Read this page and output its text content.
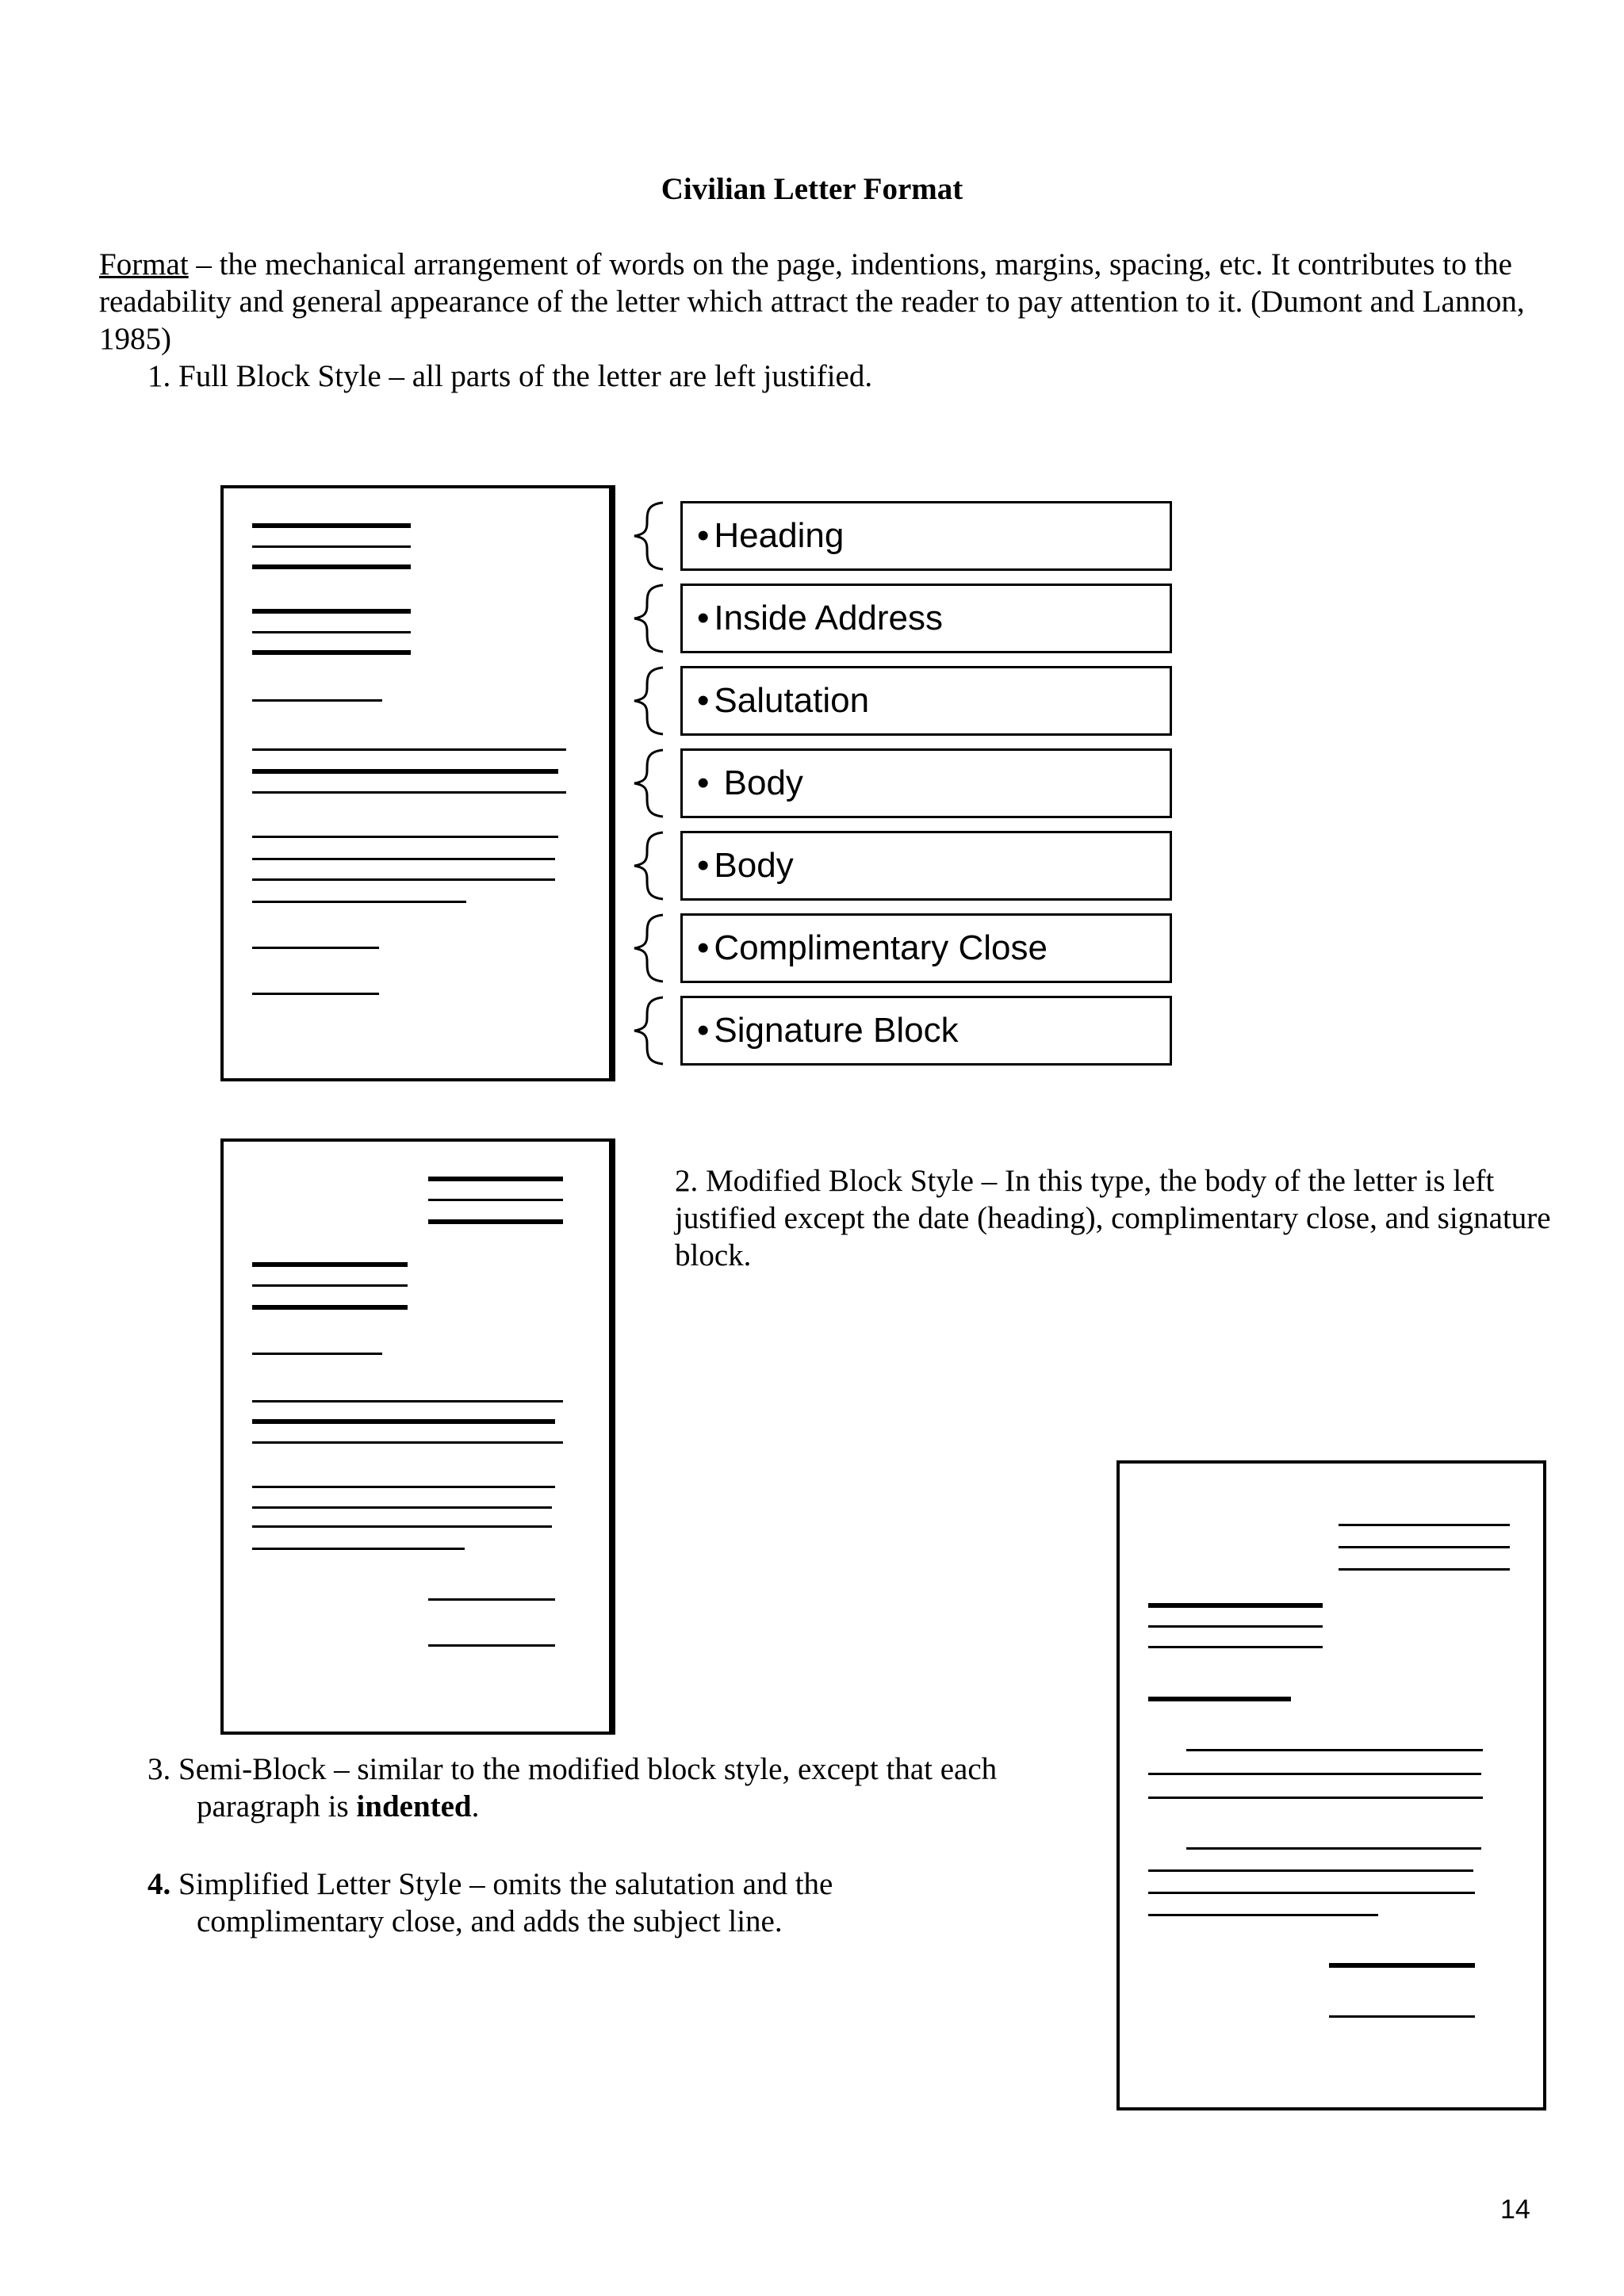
Civilian Letter Format
Format – the mechanical arrangement of words on the page, indentions, margins, spacing, etc. It contributes to the readability and general appearance of the letter which attract the reader to pay attention to it. (Dumont and Lannon, 1985)
1. Full Block Style – all parts of the letter are left justified.
• Heading
• Inside Address
• Salutation
• Body
• Body
• Complimentary Close
• Signature Block
2. Modified Block Style – In this type, the body of the letter is left justified except the date (heading), complimentary close, and signature block.
3. Semi-Block – similar to the modified block style, except that each
paragraph is indented.
4. Simplified Letter Style – omits the salutation and the
complimentary close, and adds the subject line.
14
